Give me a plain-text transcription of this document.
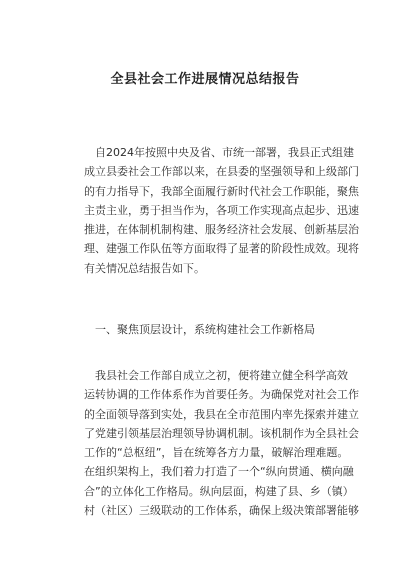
全县社会工作进展情况总结报告
自2024年按照中央及省、市统一部署，我县正式组建
成立县委社会工作部以来，在县委的坚强领导和上级部门
的有力指导下，我部全面履行新时代社会工作职能，聚焦
主责主业，勇于担当作为，各项工作实现高点起步、迅速
推进，在体制机制构建、服务经济社会发展、创新基层治
理、建强工作队伍等方面取得了显著的阶段性成效。现将
有关情况总结报告如下。
一、聚焦顶层设计，系统构建社会工作新格局
我县社会工作部自成立之初，便将建立健全科学高效
运转协调的工作体系作为首要任务。为确保党对社会工作
的全面领导落到实处，我县在全市范围内率先探索并建立
了党建引领基层治理领导协调机制。该机制作为全县社会
工作的“总枢纽”，旨在统筹各方力量，破解治理难题。
在组织架构上，我们着力打造了一个“纵向贯通、横向融
合”的立体化工作格局。纵向层面，构建了县、乡（镇）
村（社区）三级联动的工作体系，确保上级决策部署能够
